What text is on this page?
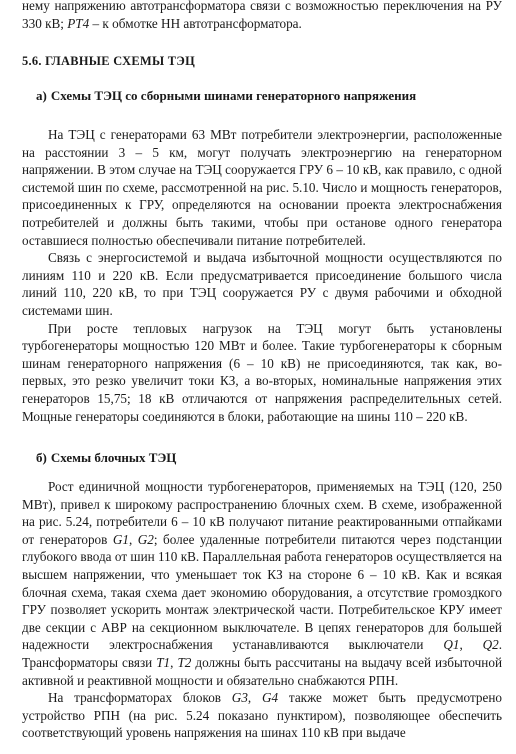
нему напряжению автотрансформатора связи с возможностью переключения на РУ 330 кВ; PT4 – к обмотке НН автотрансформатора.

5.6. ГЛАВНЫЕ СХЕМЫ ТЭЦ
а) Схемы ТЭЦ со сборными шинами генераторного напряжения

На ТЭЦ с генераторами 63 МВт потребители электроэнергии, расположенные на расстоянии 3 – 5 км, могут получать электроэнергию на генераторном напряжении. В этом случае на ТЭЦ сооружается ГРУ 6 – 10 кВ, как правило, с одной системой шин по схеме, рассмотренной на рис. 5.10. Число и мощность генераторов, присоединенных к ГРУ, определяются на основании проекта электроснабжения потребителей и должны быть такими, чтобы при останове одного генератора оставшиеся полностью обеспечивали питание потребителей.

Связь с энергосистемой и выдача избыточной мощности осуществляются по линиям 110 и 220 кВ. Если предусматривается присоединение большого числа линий 110, 220 кВ, то при ТЭЦ сооружается РУ с двумя рабочими и обходной системами шин.

При росте тепловых нагрузок на ТЭЦ могут быть установлены турбогенераторы мощностью 120 МВт и более. Такие турбогенераторы к сборным шинам генераторного напряжения (6 – 10 кВ) не присоединяются, так как, во-первых, это резко увеличит токи КЗ, а во-вторых, номинальные напряжения этих генераторов 15,75; 18 кВ отличаются от напряжения распределительных сетей. Мощные генераторы соединяются в блоки, работающие на шины 110 – 220 кВ.

б) Схемы блочных ТЭЦ

Рост единичной мощности турбогенераторов, применяемых на ТЭЦ (120, 250 МВт), привел к широкому распространению блочных схем. В схеме, изображенной на рис. 5.24, потребители 6 – 10 кВ получают питание реактированными отпайками от генераторов G1, G2; более удаленные потребители питаются через подстанции глубокого ввода от шин 110 кВ. Параллельная работа генераторов осуществляется на высшем напряжении, что уменьшает ток КЗ на стороне 6 – 10 кВ. Как и всякая блочная схема, такая схема дает экономию оборудования, а отсутствие громоздкого ГРУ позволяет ускорить монтаж электрической части. Потребительское КРУ имеет две секции с АВР на секционном выключателе. В цепях генераторов для большей надежности электроснабжения устанавливаются выключатели Q1, Q2. Трансформаторы связи T1, T2 должны быть рассчитаны на выдачу всей избыточной активной и реактивной мощности и обязательно снабжаются РПН.

На трансформаторах блоков G3, G4 также может быть предусмотрено устройство РПН (на рис. 5.24 показано пунктиром), позволяющее обеспечить соответствующий уровень напряжения на шинах 110 кВ при выдаче
